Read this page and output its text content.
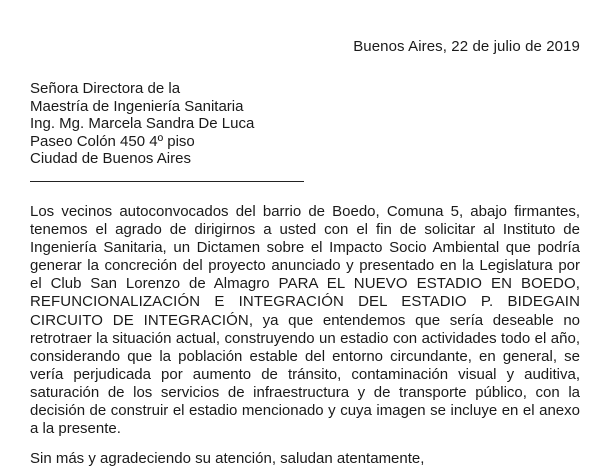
Buenos Aires, 22 de julio de 2019
Señora Directora de la
Maestría de Ingeniería Sanitaria
Ing. Mg. Marcela Sandra De Luca
Paseo Colón 450 4º piso
Ciudad de Buenos Aires

Los vecinos autoconvocados del barrio de Boedo, Comuna 5, abajo firmantes, tenemos el agrado de dirigirnos a usted con el fin de solicitar al Instituto de Ingeniería Sanitaria, un Dictamen sobre el Impacto Socio Ambiental que podría generar la concreción del proyecto anunciado y presentado en la Legislatura por el Club San Lorenzo de Almagro PARA EL NUEVO ESTADIO EN BOEDO, REFUNCIONALIZACIÓN E INTEGRACIÓN DEL ESTADIO P. BIDEGAIN CIRCUITO DE INTEGRACIÓN, ya que entendemos que sería deseable no retrotraer la situación actual, construyendo un estadio con actividades todo el año, considerando que la población estable del entorno circundante, en general, se vería perjudicada por aumento de tránsito, contaminación visual y auditiva, saturación de los servicios de infraestructura y de transporte público, con la decisión de construir el estadio mencionado y cuya imagen se incluye en el anexo a la presente.

Sin más y agradeciendo su atención, saludan atentamente,
